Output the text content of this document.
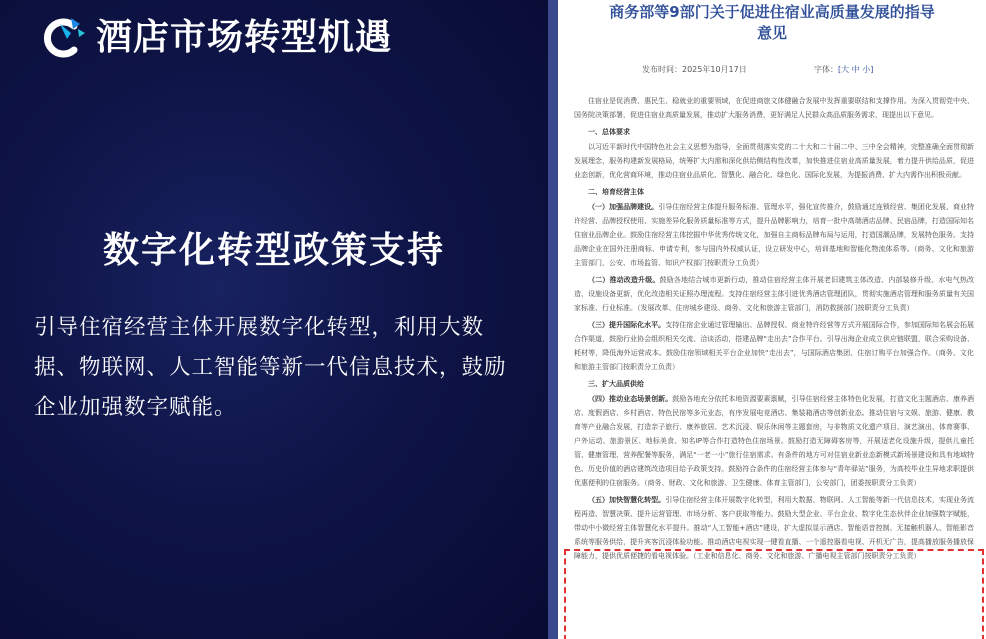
酒店市场转型机遇
数字化转型政策支持
引导住宿经营主体开展数字化转型，利用大数据、物联网、人工智能等新一代信息技术，鼓励企业加强数字赋能。
商务部等9部门关于促进住宿业高质量发展的指导
意见
发布时间：2025年10月17日	字体：[大 中 小]

住宿业是促消费、惠民生、稳就业的重要领域，在促进商旅文体健融合发展中发挥重要联结和支撑作用。为深入贯彻党中央、国务院决策部署，促进住宿业高质量发展，推动扩大服务消费，更好满足人民群众高品质服务需求，现提出以下意见。

一、总体要求

以习近平新时代中国特色社会主义思想为指导，全面贯彻落实党的二十大和二十届二中、三中全会精神，完整准确全面贯彻新发展理念，服务构建新发展格局，统筹扩大内需和深化供给侧结构性改革，加快推进住宿业高质量发展，着力提升供给品质，促进业态创新，优化营商环境，推动住宿业品质化、智慧化、融合化、绿色化、国际化发展，为提振消费、扩大内需作出积极贡献。

二、培育经营主体

（一）加强品牌建设。引导住宿经营主体提升服务标准、管理水平，强化宣传推介，鼓励通过连锁经营、集团化发展、商业特许经营、品牌授权使用、实施差异化服务质量标准等方式，提升品牌影响力，培育一批中高端酒店品牌、民宿品牌，打造国际知名住宿业品牌企业。鼓励住宿经营主体挖掘中华优秀传统文化，加强自主商标品牌布局与运用，打造国潮品牌，发展特色服务。支持品牌企业在国外注册商标、申请专利，参与国内外权威认证，设立研发中心，培训基地和智能化物流体系等。（商务、文化和旅游主管部门，公安、市场监管、知识产权部门按职责分工负责）

（二）推动改造升级。鼓励各地结合城市更新行动，推动住宿经营主体开展老旧建筑主体改造、内部装修升级、水电气热改造、设施设备更新，优化改造相关证照办理流程。支持住宿经营主体引进优秀酒店管理团队，贯彻实施酒店管理和服务质量有关国家标准、行业标准。（发展改革、住房城乡建设、商务、文化和旅游主管部门，消防救援部门按职责分工负责）

（三）提升国际化水平。支持住宿企业通过管理输出、品牌授权、商业特许经营等方式开展国际合作，参加国际知名展会拓展合作渠道，鼓励行业协会组织相关交流、洽谈活动，搭建品牌“走出去”合作平台。引导出海企业成立供应链联盟，联合采购设备、耗材等，降低海外运营成本。鼓励住宿领域相关平台企业加快“走出去”，与国际酒店集团、住宿订购平台加强合作。（商务、文化和旅游主管部门按职责分工负责）

三、扩大品质供给

（四）推动业态场景创新。鼓励各地充分依托本地资源要素禀赋，引导住宿经营主体特色化发展，打造文化主题酒店、康养酒店、度假酒店、乡村酒店、特色民宿等多元业态，有序发展电竞酒店、集装箱酒店等创新业态。推动住宿与文娱、旅游、健康、教育等产业融合发展，打造亲子旅行、康养旅居、艺术沉浸、娱乐休闲等主题套房，与非物质文化遗产项目、演艺演出、体育赛事、户外运动、旅游景区、地标美食、知名IP等合作打造特色住宿场景。鼓励打造无障碍客房等，开展适老化设施升级，提供儿童托管、健康管理、营养配餐等服务，满足“一老一小”旅行住宿需求。有条件的地方可对住宿业新业态新模式新场景建设和具有地域特色、历史价值的酒店建筑改造项目给予政策支持。鼓励符合条件的住宿经营主体参与“青年驿站”服务，为高校毕业生异地求职提供优惠便利的住宿服务。（商务、财政、文化和旅游、卫生健康、体育主管部门，公安部门，团委按职责分工负责）

（五）加快智慧化转型。引导住宿经营主体开展数字化转型，利用大数据、物联网、人工智能等新一代信息技术，实现业务流程再造、智慧决策、提升运营管理、市场分析、客户获取等能力。鼓励大型企业、平台企业、数字化生态伙伴企业加强数字赋能，带动中小微经营主体智慧化水平提升。推动“人工智能+酒店”建设，扩大虚拟显示酒店、智能语音控制、无接触机器人、智能影音系统等服务供给，提升宾客沉浸体验功能。推动酒店电视实现一键看直播、一个遥控器看电视、开机无广告，提高播放服务播放保障能力，提供优质便捷的看电视体验。（工业和信息化、商务、文化和旅游、广播电视主管部门按职责分工负责）
